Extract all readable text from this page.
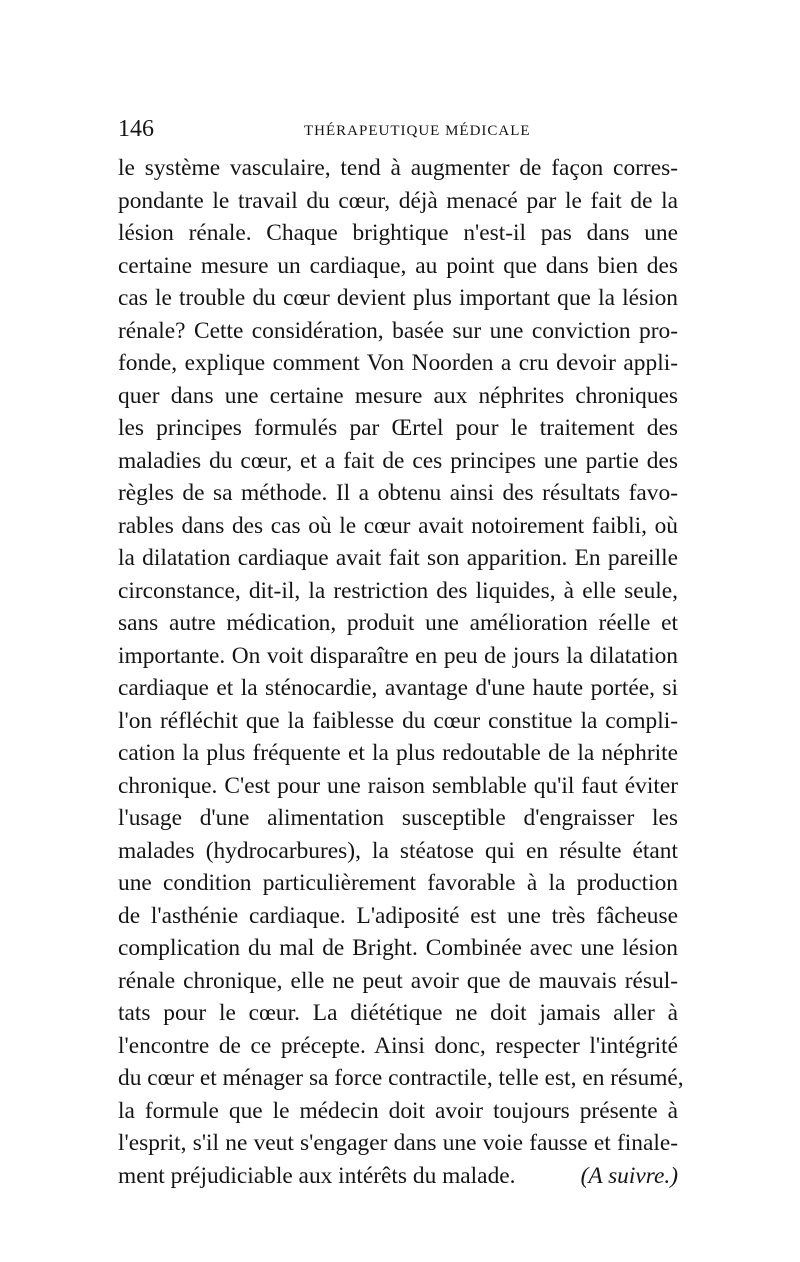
146	THÉRAPEUTIQUE MÉDICALE
le système vasculaire, tend à augmenter de façon corres-
pondante le travail du cœur, déjà menacé par le fait de la
lésion rénale. Chaque brightique n'est-il pas dans une
certaine mesure un cardiaque, au point que dans bien des
cas le trouble du cœur devient plus important que la lésion
rénale? Cette considération, basée sur une conviction pro-
fonde, explique comment Von Noorden a cru devoir appli-
quer dans une certaine mesure aux néphrites chroniques
les principes formulés par Œrtel pour le traitement des
maladies du cœur, et a fait de ces principes une partie des
règles de sa méthode. Il a obtenu ainsi des résultats favo-
rables dans des cas où le cœur avait notoirement faibli, où
la dilatation cardiaque avait fait son apparition. En pareille
circonstance, dit-il, la restriction des liquides, à elle seule,
sans autre médication, produit une amélioration réelle et
importante. On voit disparaître en peu de jours la dilatation
cardiaque et la sténocardie, avantage d'une haute portée, si
l'on réfléchit que la faiblesse du cœur constitue la compli-
cation la plus fréquente et la plus redoutable de la néphrite
chronique. C'est pour une raison semblable qu'il faut éviter
l'usage d'une alimentation susceptible d'engraisser les
malades (hydrocarbures), la stéatose qui en résulte étant
une condition particulièrement favorable à la production
de l'asthénie cardiaque. L'adiposité est une très fâcheuse
complication du mal de Bright. Combinée avec une lésion
rénale chronique, elle ne peut avoir que de mauvais résul-
tats pour le cœur. La diététique ne doit jamais aller à
l'encontre de ce précepte. Ainsi donc, respecter l'intégrité
du cœur et ménager sa force contractile, telle est, en résumé,
la formule que le médecin doit avoir toujours présente à
l'esprit, s'il ne veut s'engager dans une voie fausse et finale-
ment préjudiciable aux intérêts du malade.	(A suivre.)
